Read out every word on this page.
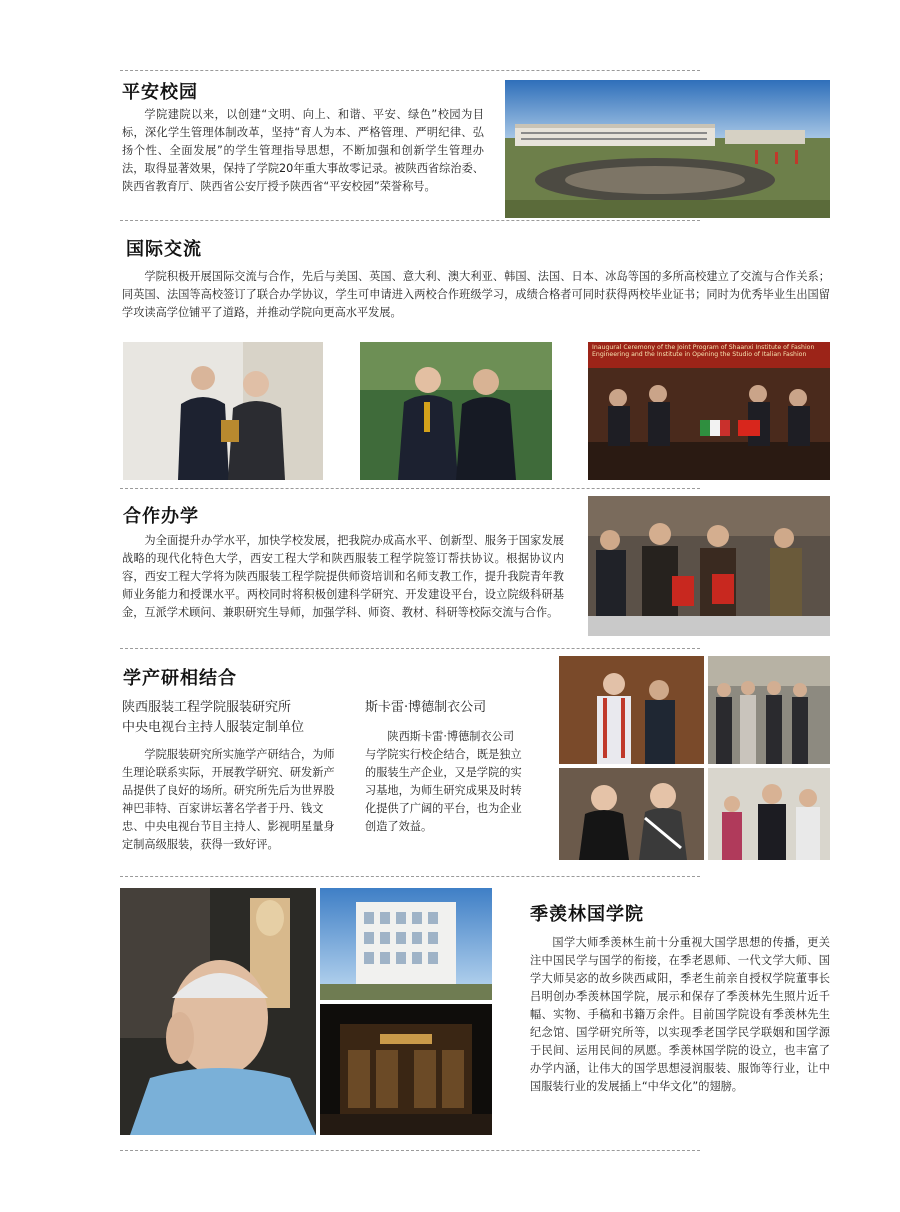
平安校园

学院建院以来，以创建“文明、向上、和谐、平安、绿色”校园为目标，深化学生管理体制改革，坚持“育人为本、严格管理、严明纪律、弘扬个性、全面发展”的学生管理指导思想，不断加强和创新学生管理办法，取得显著效果，保持了学院20年重大事故零记录。被陕西省综治委、陕西省教育厅、陕西省公安厅授予陕西省“平安校园”荣誉称号。

国际交流

学院积极开展国际交流与合作，先后与美国、英国、意大利、澳大利亚、韩国、法国、日本、冰岛等国的多所高校建立了交流与合作关系；同英国、法国等高校签订了联合办学协议，学生可申请进入两校合作班级学习，成绩合格者可同时获得两校毕业证书；同时为优秀毕业生出国留学攻读高学位铺平了道路，并推动学院向更高水平发展。

Inaugural Ceremony of the Joint Program of Shaanxi Institute of Fashion Engineering and the Institute in Opening the Studio of Italian Fashion
合作办学

为全面提升办学水平，加快学校发展，把我院办成高水平、创新型、服务于国家发展战略的现代化特色大学，西安工程大学和陕西服装工程学院签订帮扶协议。根据协议内容，西安工程大学将为陕西服装工程学院提供师资培训和名师支教工作，提升我院青年教师业务能力和授课水平。两校同时将积极创建科学研究、开发建设平台，设立院级科研基金，互派学术顾问、兼职研究生导师，加强学科、师资、教材、科研等校际交流与合作。

学产研相结合
陕西服装工程学院服装研究所
中央电视台主持人服装定制单位

学院服装研究所实施学产研结合，为师生理论联系实际，开展教学研究、研发新产品提供了良好的场所。研究所先后为世界股神巴菲特、百家讲坛著名学者于丹、钱文忠、中央电视台节目主持人、影视明星量身定制高级服装，获得一致好评。

斯卡雷·博德制衣公司

陕西斯卡雷·博德制衣公司与学院实行校企结合，既是独立的服装生产企业，又是学院的实习基地，为师生研究成果及时转化提供了广阔的平台，也为企业创造了效益。

季羡林国学院

国学大师季羡林生前十分重视大国学思想的传播，更关注中国民学与国学的衔接，在季老恩师、一代文学大师、国学大师吴宓的故乡陕西咸阳，季老生前亲自授权学院董事长吕明创办季羡林国学院，展示和保存了季羡林先生照片近千幅、实物、手稿和书籍万余件。目前国学院设有季羡林先生纪念馆、国学研究所等，以实现季老国学民学联姻和国学源于民间、运用民间的夙愿。季羡林国学院的设立，也丰富了办学内涵，让伟大的国学思想浸润服装、服饰等行业，让中国服装行业的发展插上“中华文化”的翅膀。
